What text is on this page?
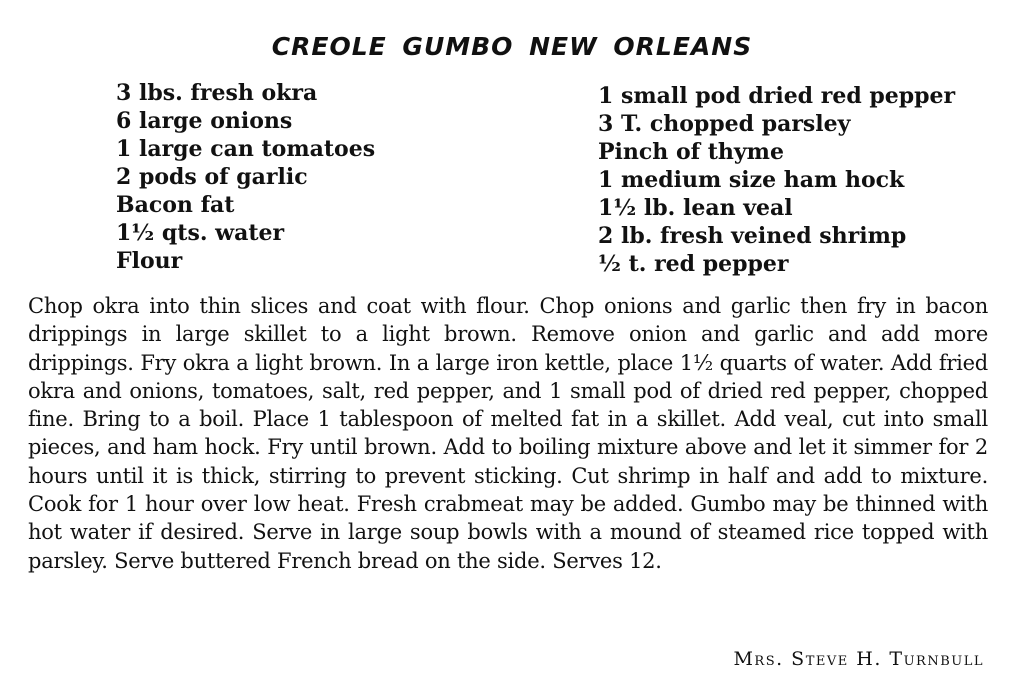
CREOLE GUMBO NEW ORLEANS
3 lbs. fresh okra
6 large onions
1 large can tomatoes
2 pods of garlic
Bacon fat
1½ qts. water
Flour
1 small pod dried red pepper
3 T. chopped parsley
Pinch of thyme
1 medium size ham hock
1½ lb. lean veal
2 lb. fresh veined shrimp
½ t. red pepper

Chop okra into thin slices and coat with flour. Chop onions and garlic then fry in bacon drippings in large skillet to a light brown. Remove onion and garlic and add more drippings. Fry okra a light brown. In a large iron kettle, place 1½ quarts of water. Add fried okra and onions, tomatoes, salt, red pepper, and 1 small pod of dried red pepper, chopped fine. Bring to a boil. Place 1 tablespoon of melted fat in a skillet. Add veal, cut into small pieces, and ham hock. Fry until brown. Add to boiling mixture above and let it simmer for 2 hours until it is thick, stirring to prevent sticking. Cut shrimp in half and add to mixture. Cook for 1 hour over low heat. Fresh crabmeat may be added. Gumbo may be thinned with hot water if desired. Serve in large soup bowls with a mound of steamed rice topped with parsley. Serve buttered French bread on the side. Serves 12.

Mrs. Steve H. Turnbull
